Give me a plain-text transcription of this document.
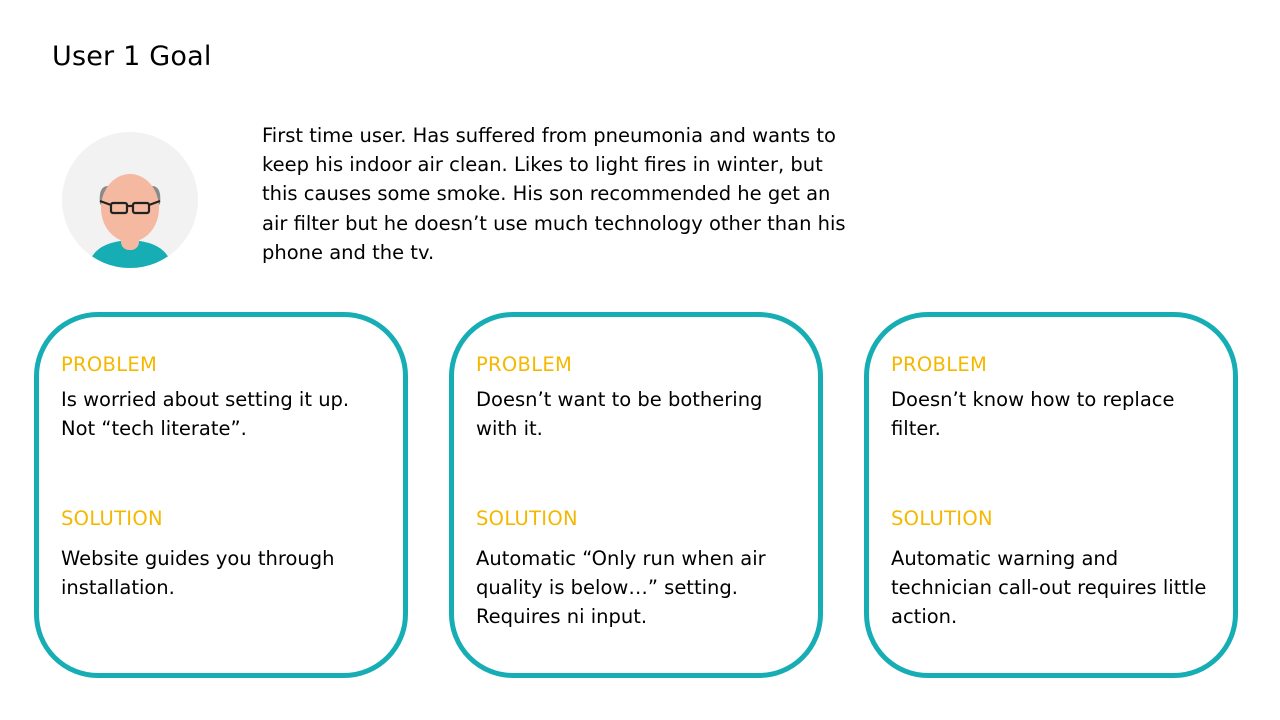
User 1 Goal
First time user. Has suffered from pneumonia and wants to keep his indoor air clean. Likes to light fires in winter, but this causes some smoke. His son recommended he get an air filter but he doesn’t use much technology other than his phone and the tv.
PROBLEM
Is worried about setting it up. Not “tech literate”.
SOLUTION
Website guides you through installation.
PROBLEM
Doesn’t want to be bothering with it.
SOLUTION
Automatic “Only run when air quality is below…” setting. Requires ni input.
PROBLEM
Doesn’t know how to replace filter.
SOLUTION
Automatic warning and technician call-out requires little action.
